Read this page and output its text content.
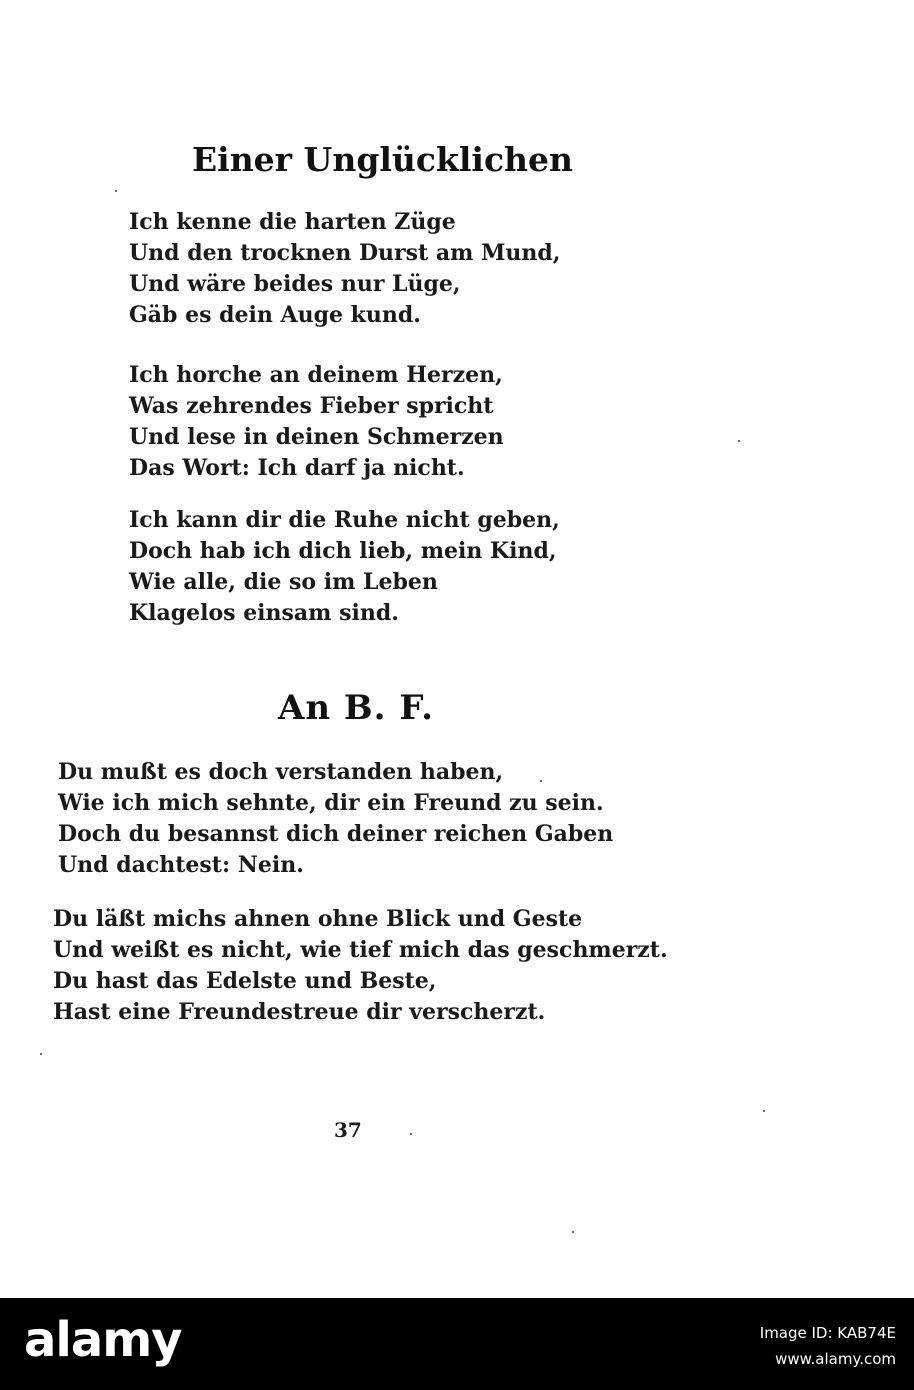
Einer Unglücklichen
Ich kenne die harten Züge
Und den trocknen Durst am Mund,
Und wäre beides nur Lüge,
Gäb es dein Auge kund.
Ich horche an deinem Herzen,
Was zehrendes Fieber spricht
Und lese in deinen Schmerzen
Das Wort: Ich darf ja nicht.
Ich kann dir die Ruhe nicht geben,
Doch hab ich dich lieb, mein Kind,
Wie alle, die so im Leben
Klagelos einsam sind.
An B. F.
Du mußt es doch verstanden haben,
Wie ich mich sehnte, dir ein Freund zu sein.
Doch du besannst dich deiner reichen Gaben
Und dachtest: Nein.
Du läßt michs ahnen ohne Blick und Geste
Und weißt es nicht, wie tief mich das geschmerzt.
Du hast das Edelste und Beste,
Hast eine Freundestreue dir verscherzt.
37
alamy	Image ID: KAB74E
www.alamy.com
